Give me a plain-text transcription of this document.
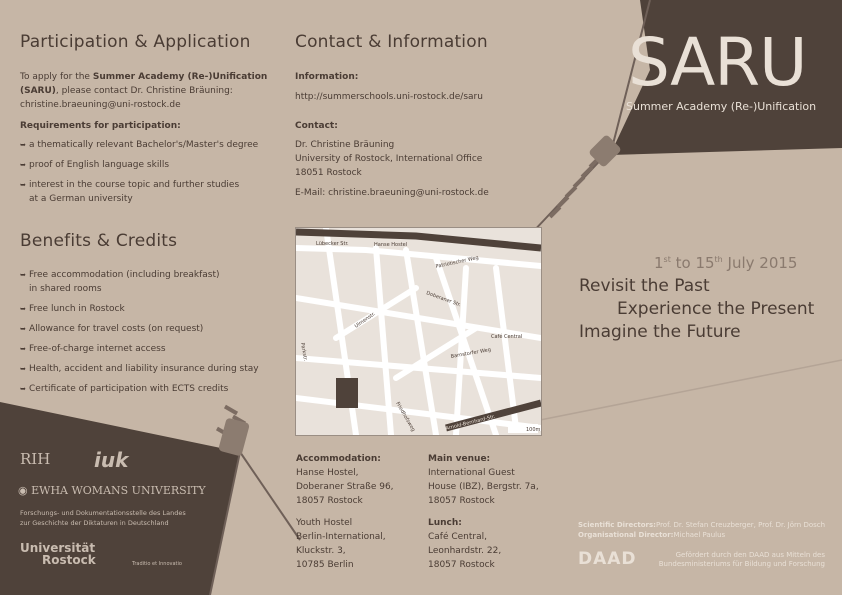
Participation & Application
To apply for the Summer Academy (Re-)Unification (SARU), please contact Dr. Christine Bräuning:
christine.braeuning@uni-rostock.de
Requirements for participation:
➥ a thematically relevant Bachelor's/Master's degree
➥ proof of English language skills
➥ interest in the course topic and further studies
at a German university
Benefits & Credits
➥ Free accommodation (including breakfast)
in shared rooms
➥ Free lunch in Rostock
➥ Allowance for travel costs (on request)
➥ Free-of-charge internet access
➥ Health, accident and liability insurance during stay
➥ Certificate of participation with ECTS credits
Contact & Information
Information:
http://summerschools.uni-rostock.de/saru
Contact:
Dr. Christine Bräuning
University of Rostock, International Office
18051 Rostock
E-Mail: christine.braeuning@uni-rostock.de
Lübecker Str.	Hanse Hostel
Patriotischer Weg
Doberaner Str.
Barnstorfer Weg
Café Central
Ulmenstr.
Arnold-Bernhard-Str.
Parkstr.
Friedhofsweg	100m
Accommodation:
Hanse Hostel,
Doberaner Straße 96,
18057 Rostock
Youth Hostel
Berlin-International,
Kluckstr. 3,
10785 Berlin
Main venue:
International Guest
House (IBZ), Bergstr. 7a,
18057 Rostock
Lunch:
Café Central,
Leonhardstr. 22,
18057 Rostock
SARU
Summer Academy (Re-)Unification
1st to 15th July 2015
Revisit the Past
Experience the Present
Imagine the Future
Scientific Directors:Prof. Dr. Stefan Creuzberger, Prof. Dr. Jörn Dosch
Organisational Director:Michael Paulus
DAAD	Gefördert durch den DAAD aus Mitteln des
Bundesministeriums für Bildung und Forschung
RIH iuk
◉ EWHA WOMANS UNIVERSITY
Forschungs- und Dokumentationsstelle des Landes
zur Geschichte der Diktaturen in Deutschland
Universität
Rostock	Traditio et Innovatio
